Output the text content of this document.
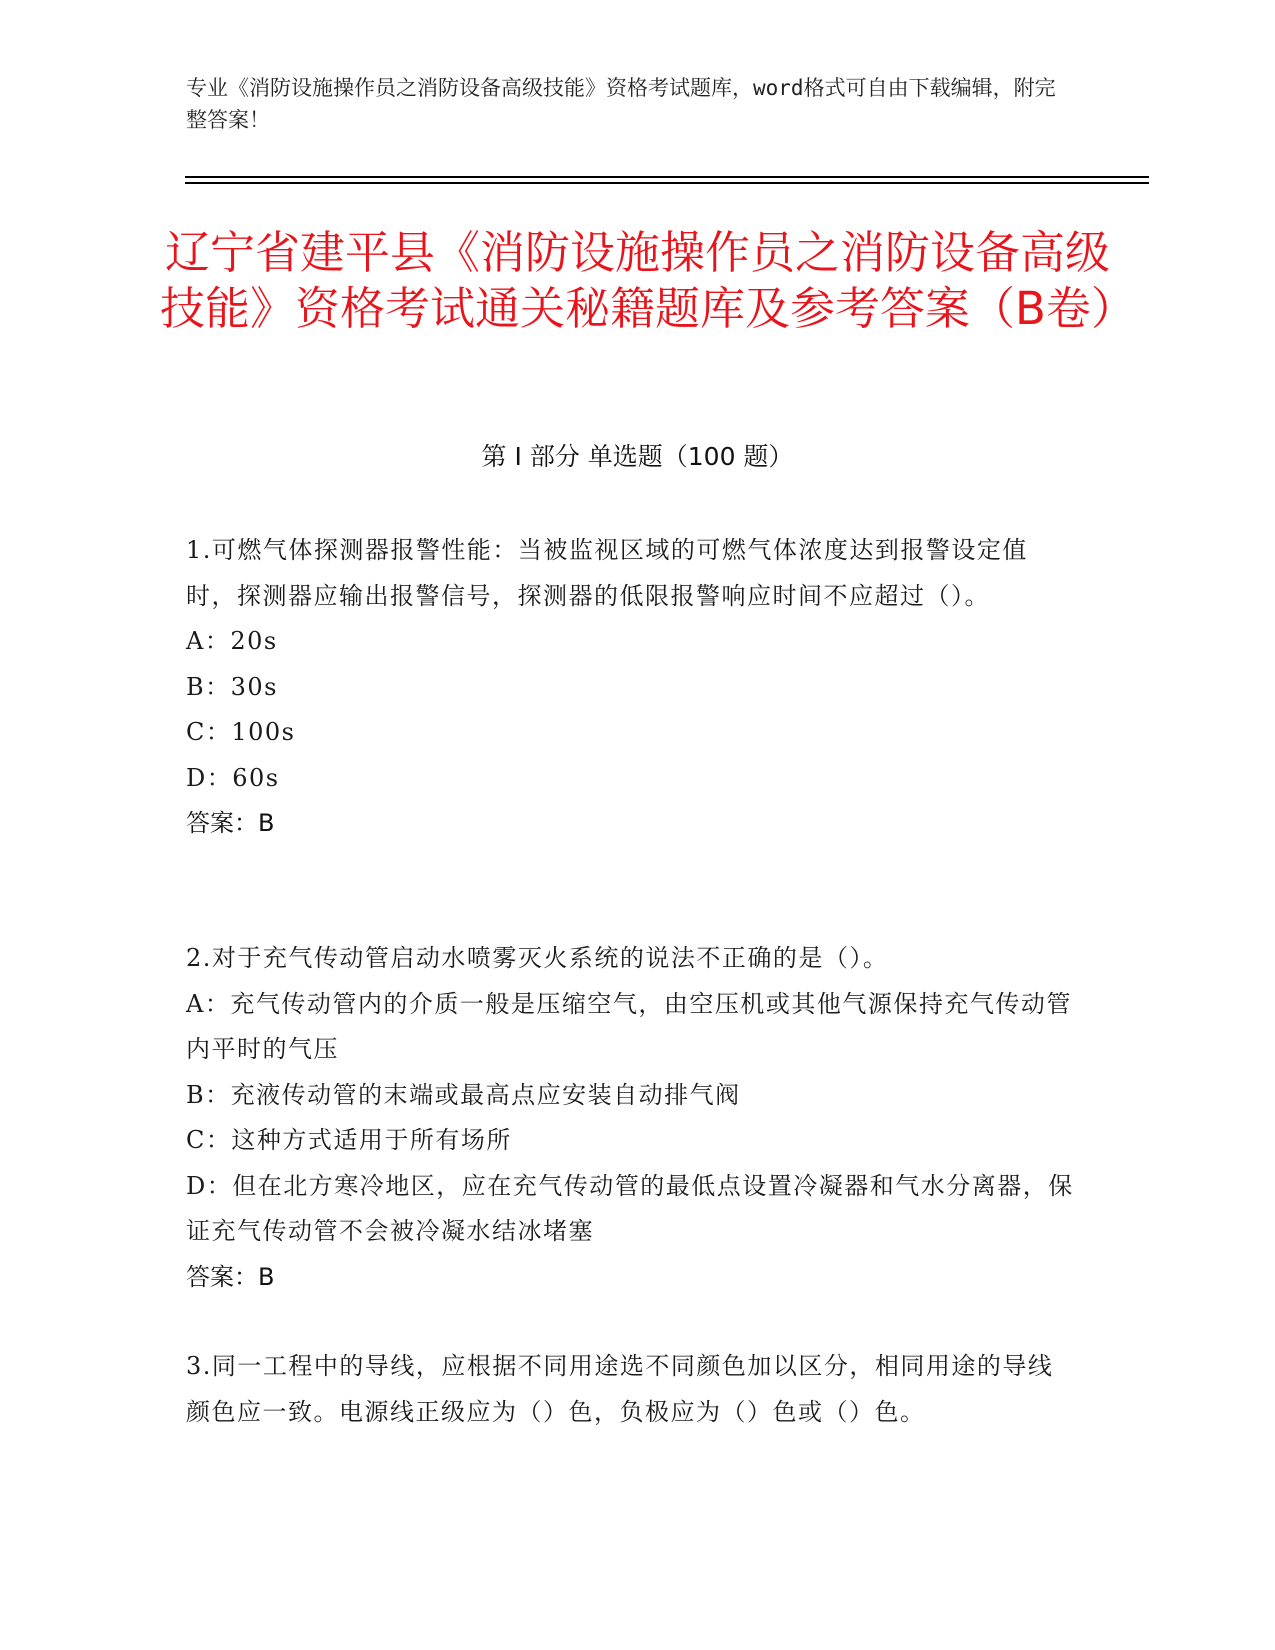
专业《消防设施操作员之消防设备高级技能》资格考试题库，word格式可自由下载编辑，附完整答案！
辽宁省建平县《消防设施操作员之消防设备高级技能》资格考试通关秘籍题库及参考答案（B卷）
第 I 部分 单选题（100 题）

1.可燃气体探测器报警性能：当被监视区域的可燃气体浓度达到报警设定值时，探测器应输出报警信号，探测器的低限报警响应时间不应超过（）。

A：20s

B：30s

C：100s

D：60s

答案：B

2.对于充气传动管启动水喷雾灭火系统的说法不正确的是（）。

A：充气传动管内的介质一般是压缩空气，由空压机或其他气源保持充气传动管内平时的气压

B：充液传动管的末端或最高点应安装自动排气阀

C：这种方式适用于所有场所

D：但在北方寒冷地区，应在充气传动管的最低点设置冷凝器和气水分离器，保证充气传动管不会被冷凝水结冰堵塞

答案：B

3.同一工程中的导线，应根据不同用途选不同颜色加以区分，相同用途的导线颜色应一致。电源线正级应为（）色，负极应为（）色或（）色。
